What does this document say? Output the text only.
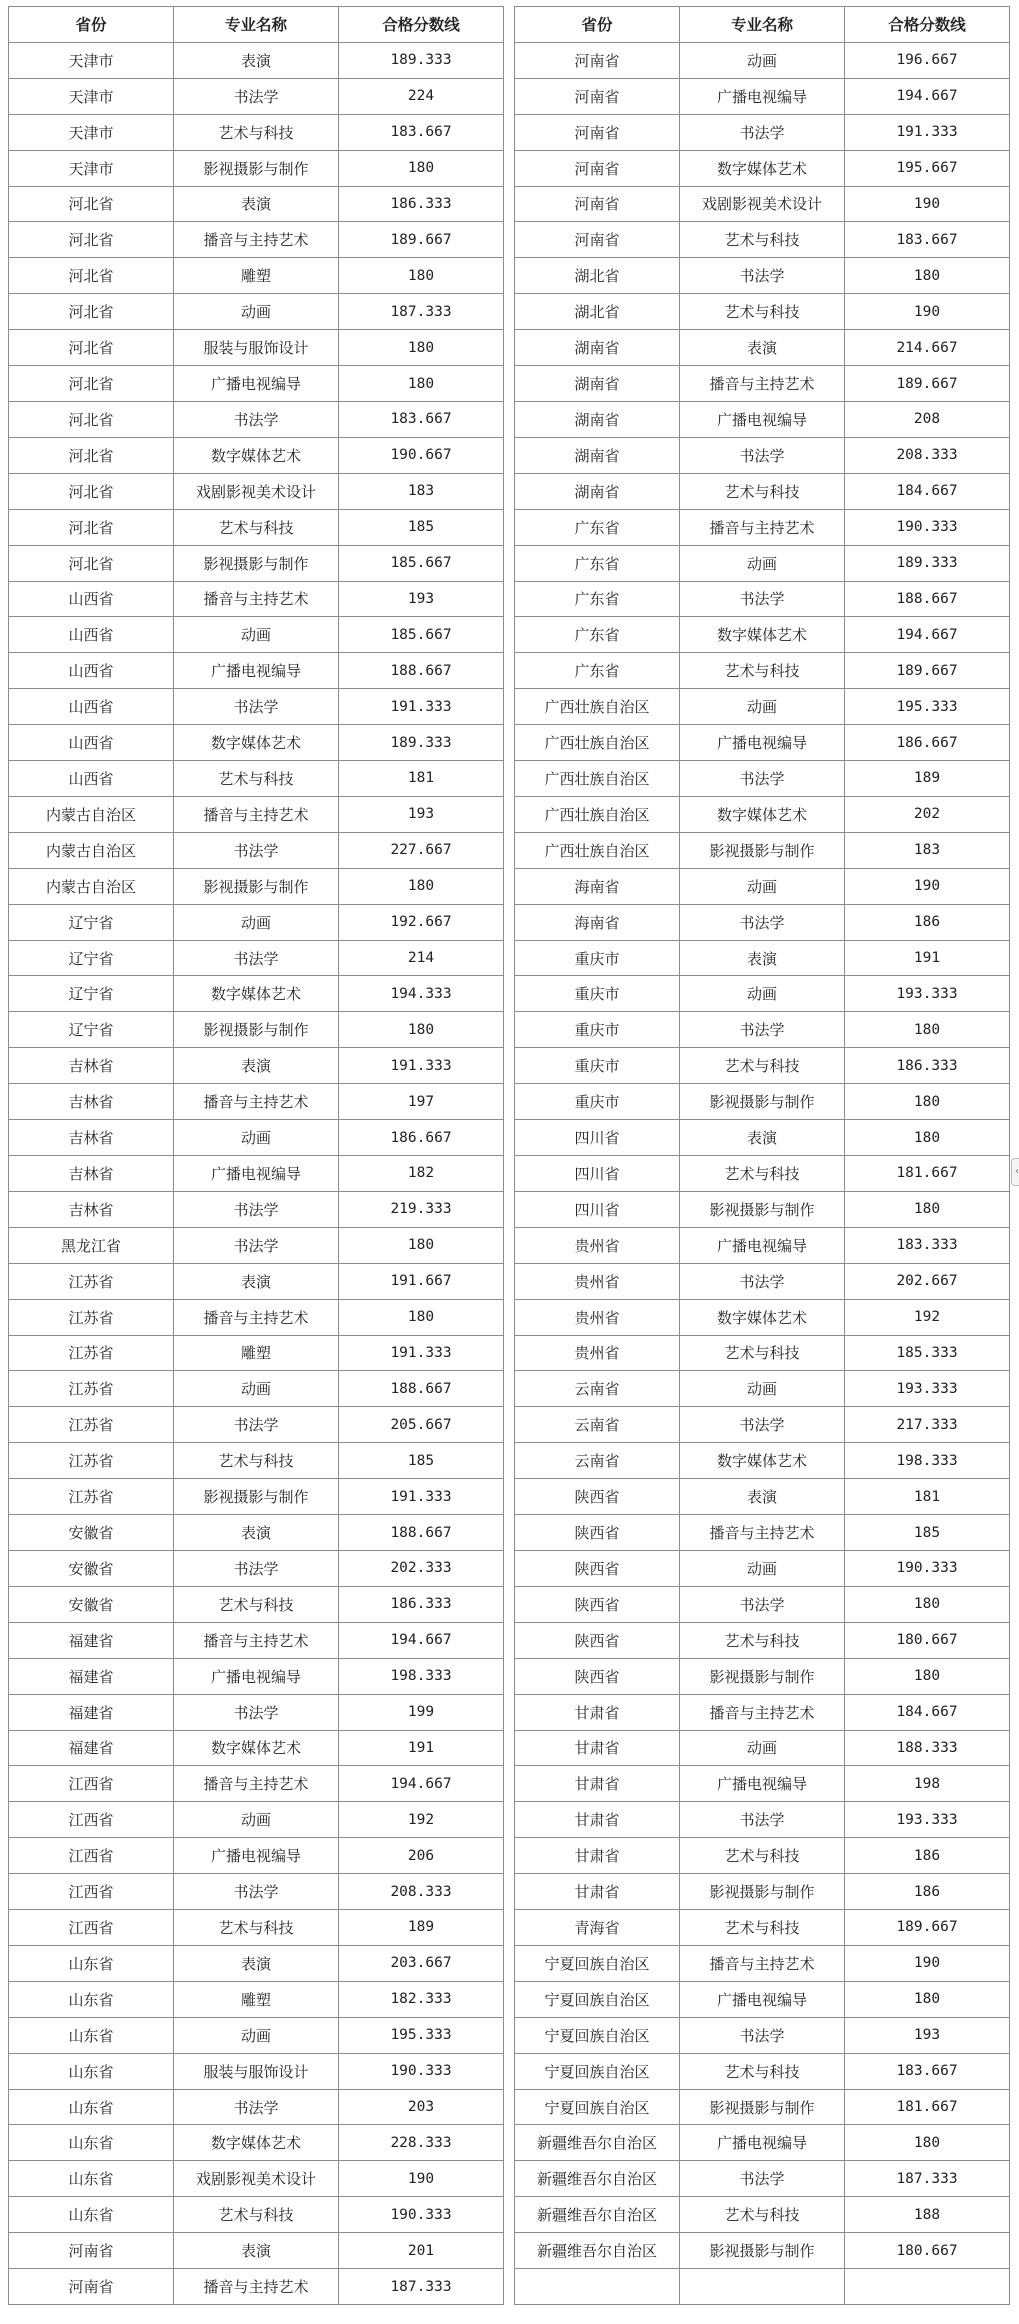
省份	专业名称	合格分数线
天津市	表演	189.333
天津市	书法学	224
天津市	艺术与科技	183.667
天津市	影视摄影与制作	180
河北省	表演	186.333
河北省	播音与主持艺术	189.667
河北省	雕塑	180
河北省	动画	187.333
河北省	服装与服饰设计	180
河北省	广播电视编导	180
河北省	书法学	183.667
河北省	数字媒体艺术	190.667
河北省	戏剧影视美术设计	183
河北省	艺术与科技	185
河北省	影视摄影与制作	185.667
山西省	播音与主持艺术	193
山西省	动画	185.667
山西省	广播电视编导	188.667
山西省	书法学	191.333
山西省	数字媒体艺术	189.333
山西省	艺术与科技	181
内蒙古自治区	播音与主持艺术	193
内蒙古自治区	书法学	227.667
内蒙古自治区	影视摄影与制作	180
辽宁省	动画	192.667
辽宁省	书法学	214
辽宁省	数字媒体艺术	194.333
辽宁省	影视摄影与制作	180
吉林省	表演	191.333
吉林省	播音与主持艺术	197
吉林省	动画	186.667
吉林省	广播电视编导	182
吉林省	书法学	219.333
黑龙江省	书法学	180
江苏省	表演	191.667
江苏省	播音与主持艺术	180
江苏省	雕塑	191.333
江苏省	动画	188.667
江苏省	书法学	205.667
江苏省	艺术与科技	185
江苏省	影视摄影与制作	191.333
安徽省	表演	188.667
安徽省	书法学	202.333
安徽省	艺术与科技	186.333
福建省	播音与主持艺术	194.667
福建省	广播电视编导	198.333
福建省	书法学	199
福建省	数字媒体艺术	191
江西省	播音与主持艺术	194.667
江西省	动画	192
江西省	广播电视编导	206
江西省	书法学	208.333
江西省	艺术与科技	189
山东省	表演	203.667
山东省	雕塑	182.333
山东省	动画	195.333
山东省	服装与服饰设计	190.333
山东省	书法学	203
山东省	数字媒体艺术	228.333
山东省	戏剧影视美术设计	190
山东省	艺术与科技	190.333
河南省	表演	201
河南省	播音与主持艺术	187.333
省份	专业名称	合格分数线
河南省	动画	196.667
河南省	广播电视编导	194.667
河南省	书法学	191.333
河南省	数字媒体艺术	195.667
河南省	戏剧影视美术设计	190
河南省	艺术与科技	183.667
湖北省	书法学	180
湖北省	艺术与科技	190
湖南省	表演	214.667
湖南省	播音与主持艺术	189.667
湖南省	广播电视编导	208
湖南省	书法学	208.333
湖南省	艺术与科技	184.667
广东省	播音与主持艺术	190.333
广东省	动画	189.333
广东省	书法学	188.667
广东省	数字媒体艺术	194.667
广东省	艺术与科技	189.667
广西壮族自治区	动画	195.333
广西壮族自治区	广播电视编导	186.667
广西壮族自治区	书法学	189
广西壮族自治区	数字媒体艺术	202
广西壮族自治区	影视摄影与制作	183
海南省	动画	190
海南省	书法学	186
重庆市	表演	191
重庆市	动画	193.333
重庆市	书法学	180
重庆市	艺术与科技	186.333
重庆市	影视摄影与制作	180
四川省	表演	180
四川省	艺术与科技	181.667
四川省	影视摄影与制作	180
贵州省	广播电视编导	183.333
贵州省	书法学	202.667
贵州省	数字媒体艺术	192
贵州省	艺术与科技	185.333
云南省	动画	193.333
云南省	书法学	217.333
云南省	数字媒体艺术	198.333
陕西省	表演	181
陕西省	播音与主持艺术	185
陕西省	动画	190.333
陕西省	书法学	180
陕西省	艺术与科技	180.667
陕西省	影视摄影与制作	180
甘肃省	播音与主持艺术	184.667
甘肃省	动画	188.333
甘肃省	广播电视编导	198
甘肃省	书法学	193.333
甘肃省	艺术与科技	186
甘肃省	影视摄影与制作	186
青海省	艺术与科技	189.667
宁夏回族自治区	播音与主持艺术	190
宁夏回族自治区	广播电视编导	180
宁夏回族自治区	书法学	193
宁夏回族自治区	艺术与科技	183.667
宁夏回族自治区	影视摄影与制作	181.667
新疆维吾尔自治区	广播电视编导	180
新疆维吾尔自治区	书法学	187.333
新疆维吾尔自治区	艺术与科技	188
新疆维吾尔自治区	影视摄影与制作	180.667

‹
